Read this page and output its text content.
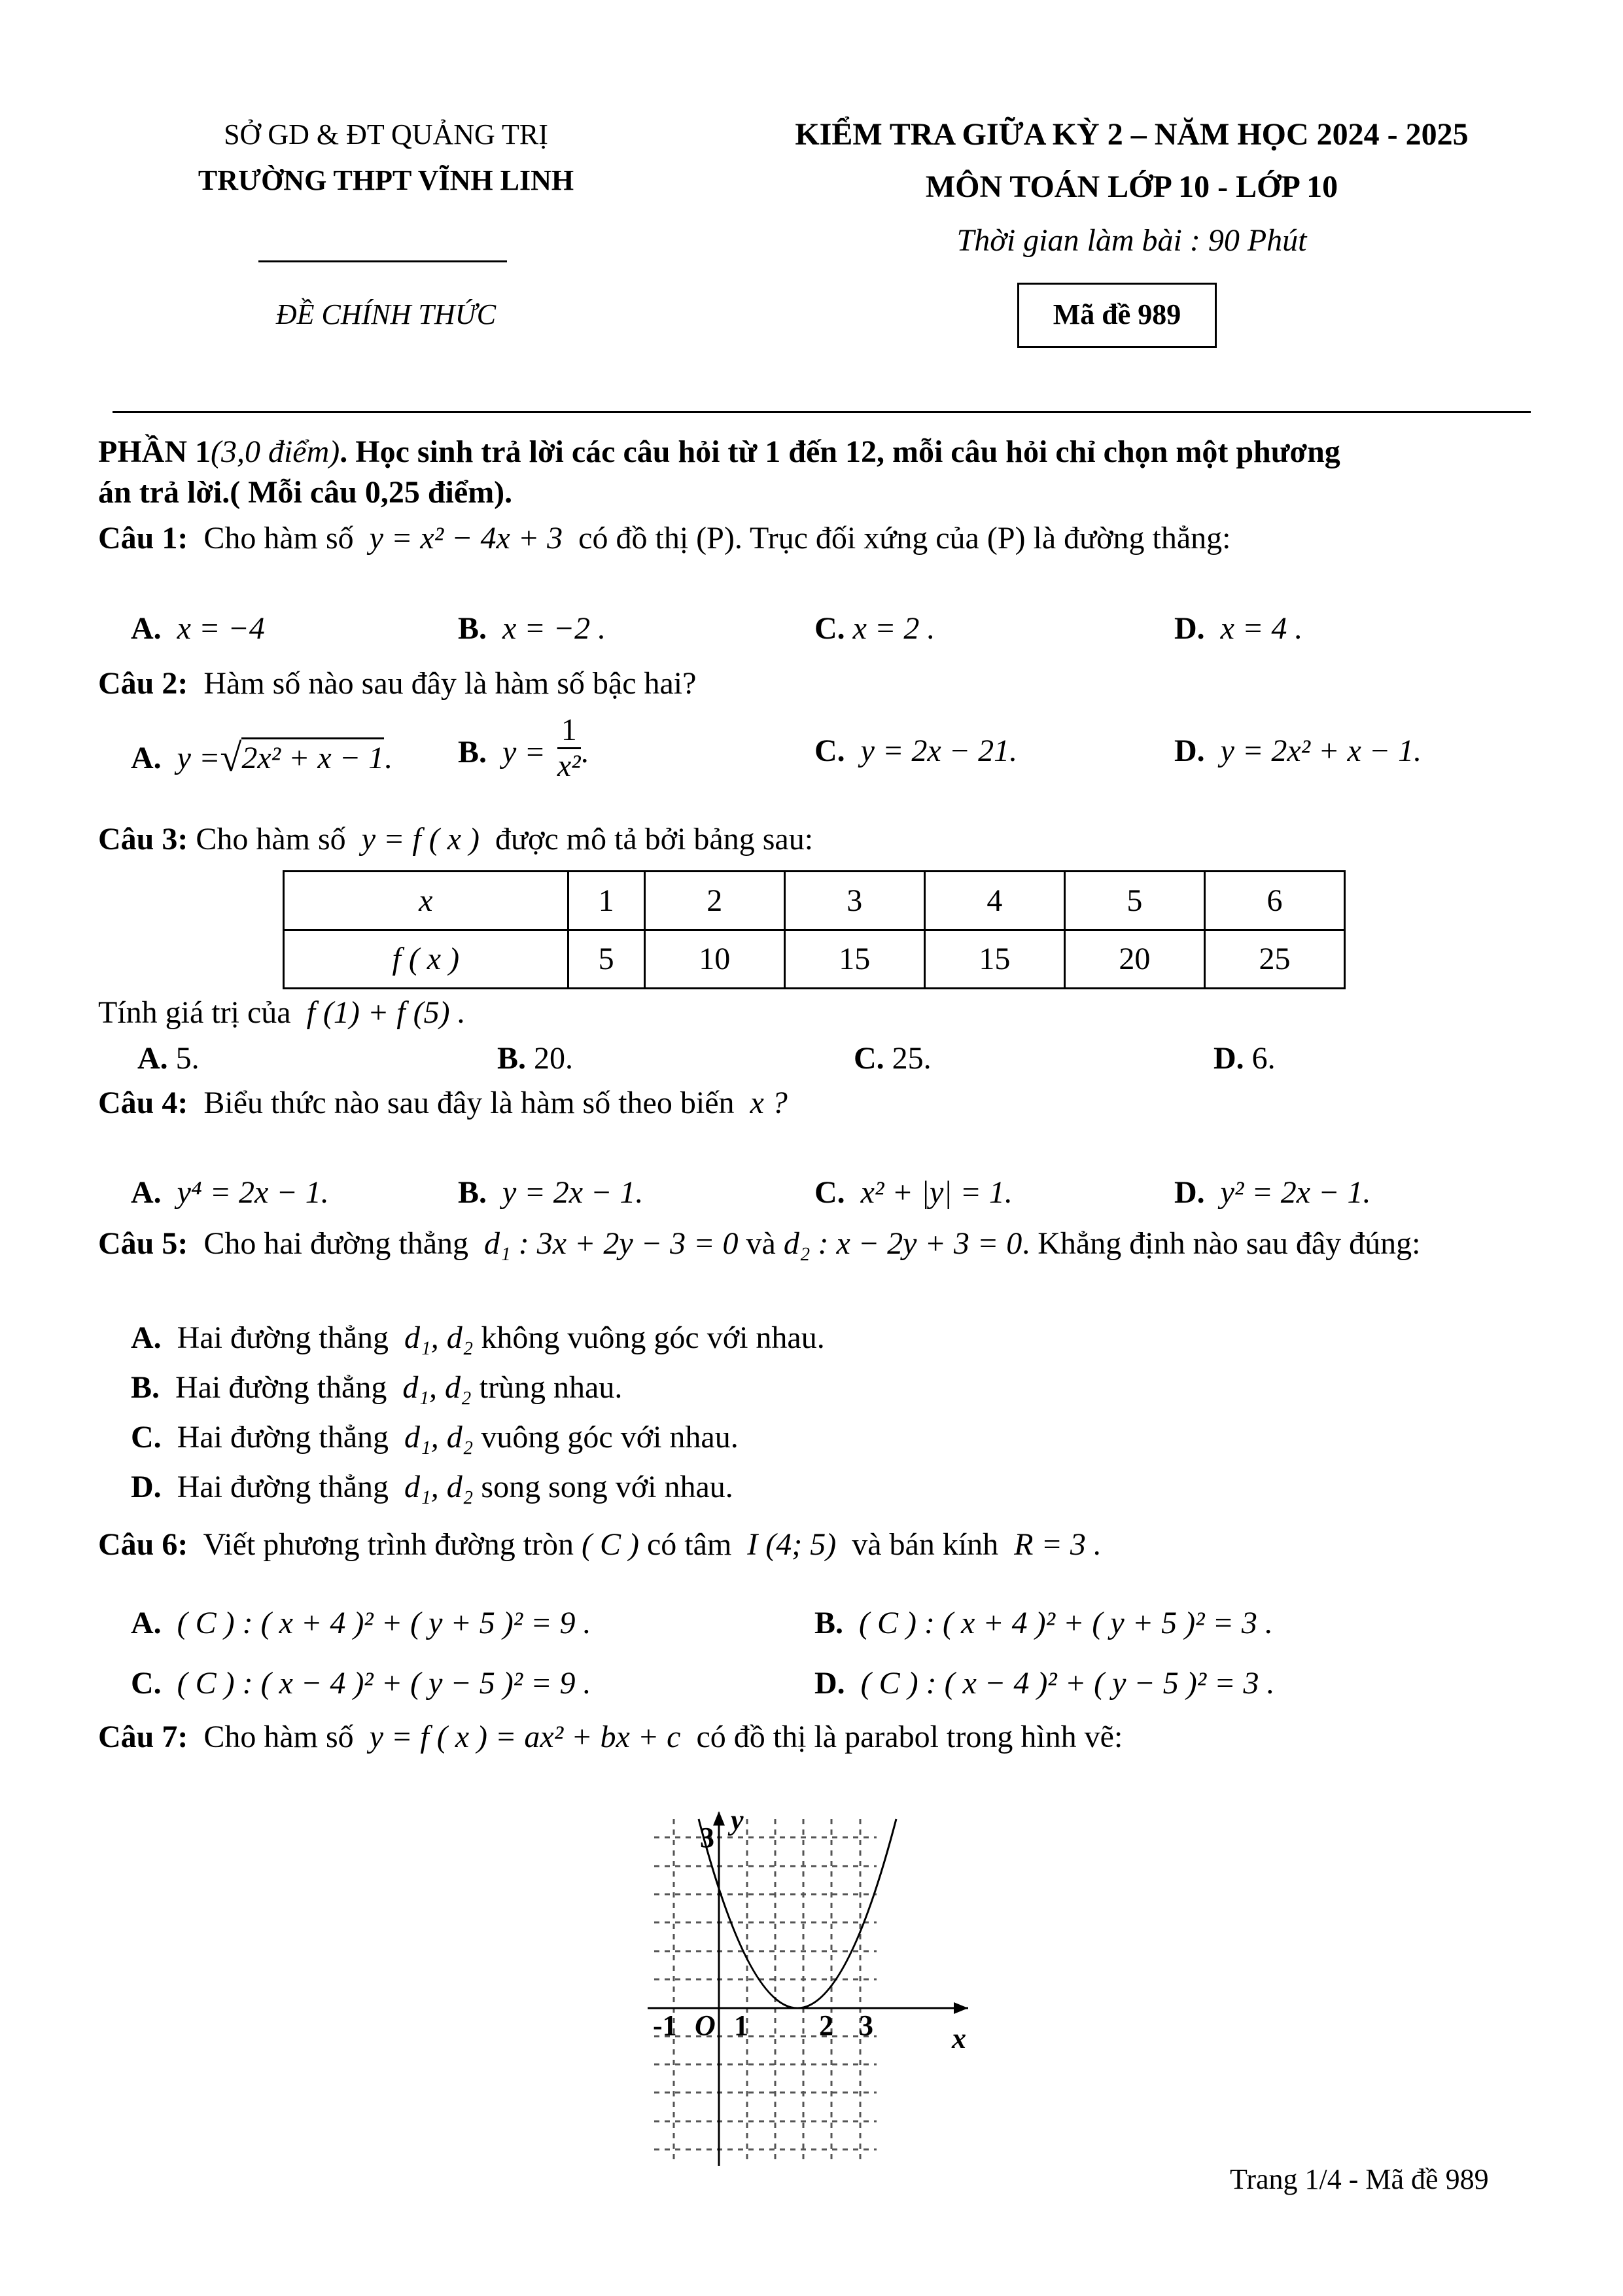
SỞ GD & ĐT QUẢNG TRỊ
TRƯỜNG THPT VĨNH LINH
ĐỀ CHÍNH THỨC
KIỂM TRA GIỮA KỲ 2 – NĂM HỌC 2024 - 2025
MÔN TOÁN LỚP 10 - LỚP 10
Thời gian làm bài : 90 Phút
Mã đề 989
PHẦN 1(3,0 điểm). Học sinh trả lời các câu hỏi từ 1 đến 12, mỗi câu hỏi chỉ chọn một phương
án trả lời.( Mỗi câu 0,25 điểm).
Câu 1: Cho hàm số y = x² − 4x + 3 có đồ thị (P). Trục đối xứng của (P) là đường thẳng:
A. x = −4	B. x = −2 .	C. x = 2 .	D. x = 4 .
Câu 2: Hàm số nào sau đây là hàm số bậc hai?
A. y =√2x² + x − 1. B. $y = \frac{1}{\text{x²}}$ .	C. y = 2x − 21.	D. y = 2x² + x − 1.
Câu 3: Cho hàm số y = f ( x ) được mô tả bởi bảng sau:
x	1	2	3	4	5	6
f ( x )	5	10	15	15	20	25
Tính giá trị của f (1) + f (5) .
A. 5.	B. 20.	C. 25.	D. 6.
Câu 4: Biểu thức nào sau đây là hàm số theo biến x ?
A. y⁴ = 2x − 1.	B. y = 2x − 1.	C. x² + |y| = 1.	D. y² = 2x − 1.
Câu 5: Cho hai đường thẳng d₁ : 3x + 2y − 3 = 0 và d₂ : x − 2y + 3 = 0. Khẳng định nào sau đây đúng:
A. Hai đường thẳng d₁, d₂ không vuông góc với nhau.
B. Hai đường thẳng d₁, d₂ trùng nhau.
C. Hai đường thẳng d₁, d₂ vuông góc với nhau.
D. Hai đường thẳng d₁, d₂ song song với nhau.
Câu 6: Viết phương trình đường tròn ( C ) có tâm I (4; 5) và bán kính R = 3 .
A. ( C ) : ( x + 4 )² + ( y + 5 )² = 9 .	B. ( C ) : ( x + 4 )² + ( y + 5 )² = 3 .
C. ( C ) : ( x − 4 )² + ( y − 5 )² = 9 .	D. ( C ) : ( x − 4 )² + ( y − 5 )² = 3 .
Câu 7: Cho hàm số y = f ( x ) = ax² + bx + c có đồ thị là parabol trong hình vẽ:
y
x
O
-1 1 2 3
3
Trang 1/4 - Mã đề 989
